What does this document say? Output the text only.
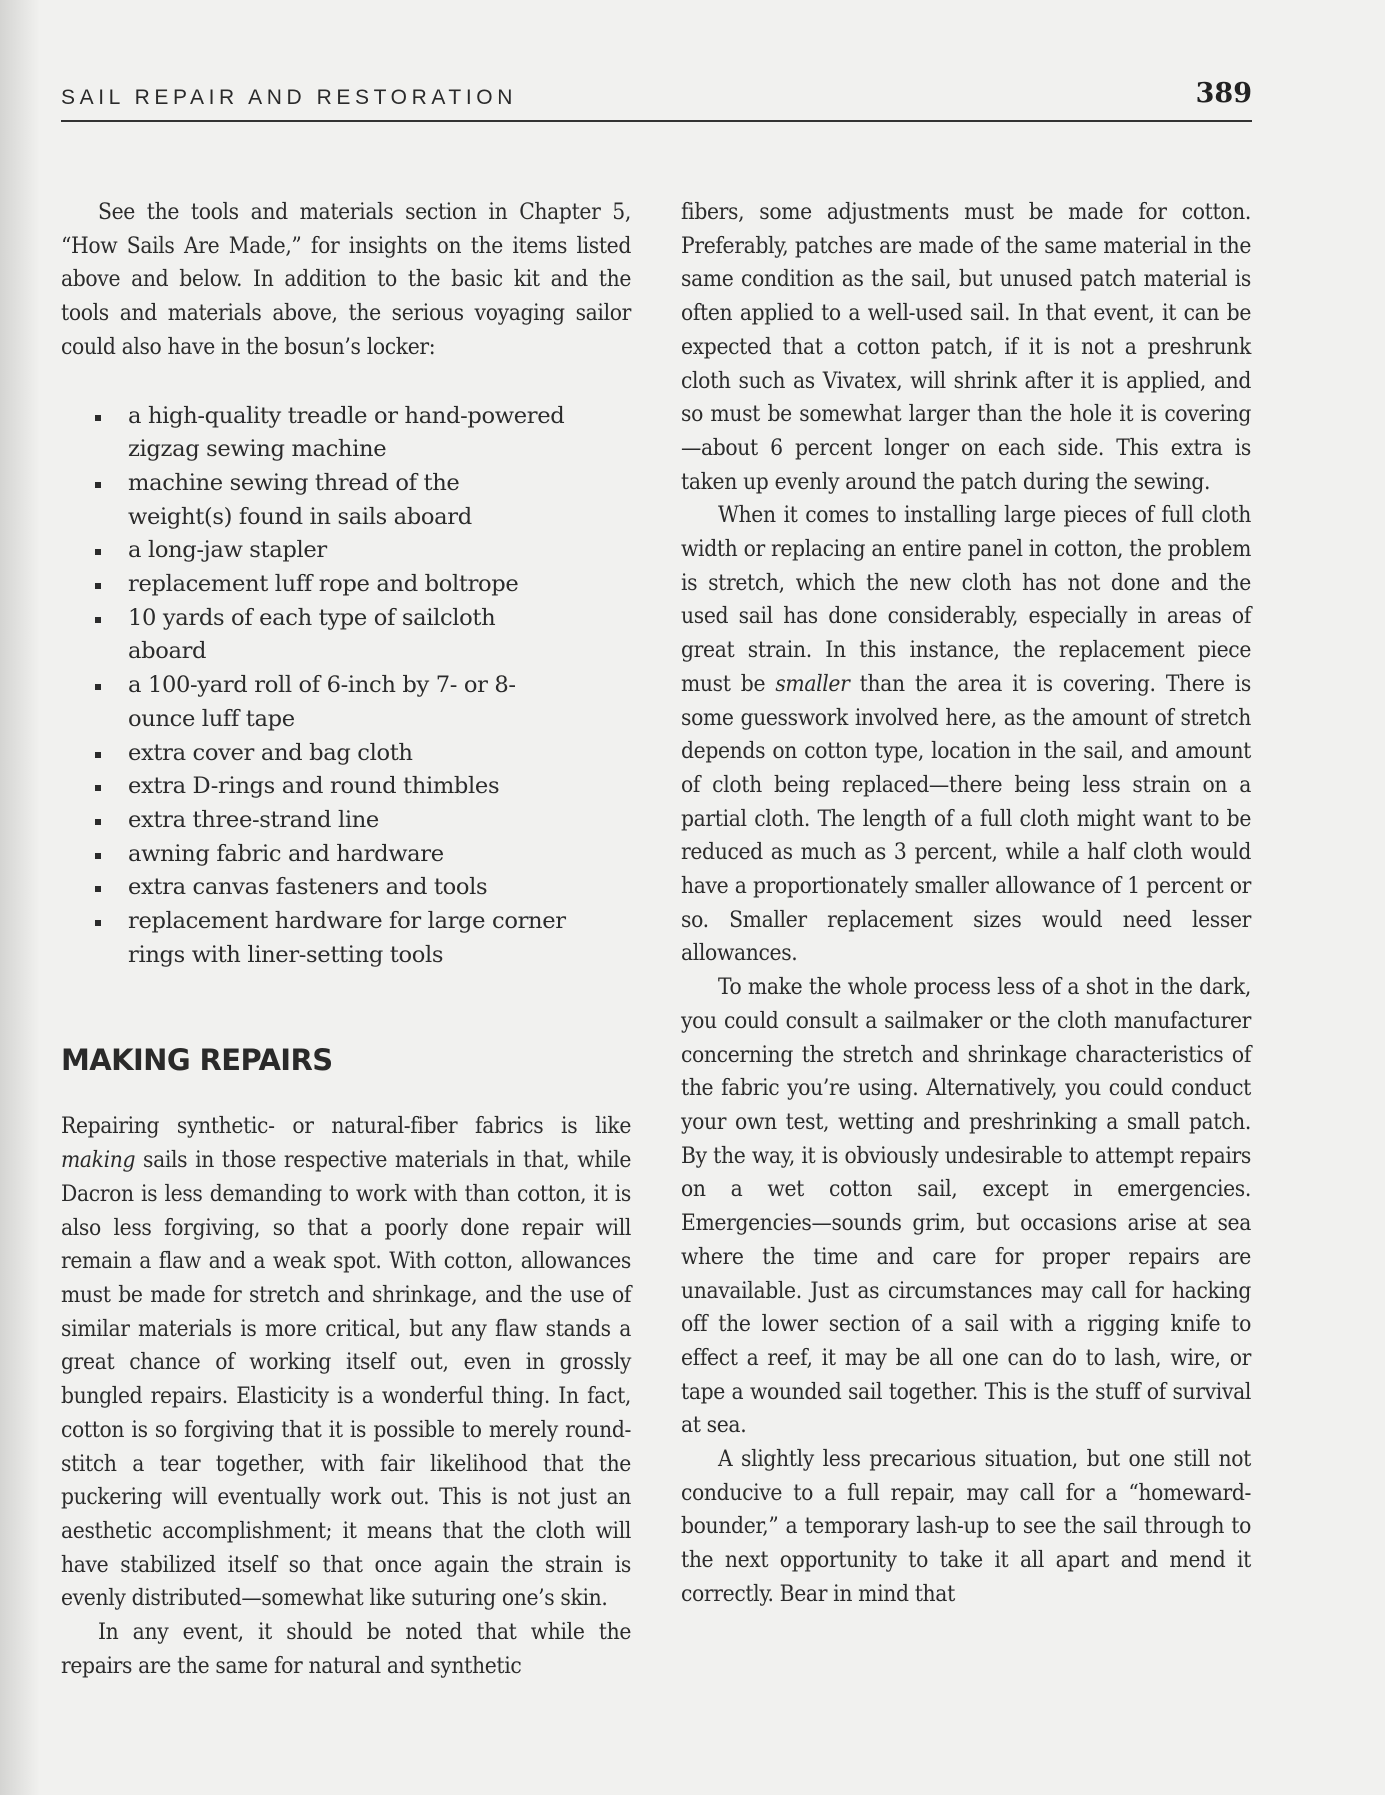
SAIL REPAIR AND RESTORATION	389

See the tools and materials section in Chapter 5, “How Sails Are Made,” for insights on the items listed above and below. In addition to the basic kit and the tools and materials above, the serious voyaging sailor could also have in the bosun’s locker:

a high-quality treadle or hand-powered zigzag sewing machine
machine sewing thread of the weight(s) found in sails aboard
a long-jaw stapler
replacement luff rope and boltrope
10 yards of each type of sailcloth aboard
a 100-yard roll of 6-inch by 7- or 8-ounce luff tape
extra cover and bag cloth
extra D-rings and round thimbles
extra three-strand line
awning fabric and hardware
extra canvas fasteners and tools
replacement hardware for large corner rings with liner-setting tools
MAKING REPAIRS

Repairing synthetic- or natural-fiber fabrics is like making sails in those respective materials in that, while Dacron is less demanding to work with than cotton, it is also less forgiving, so that a poorly done repair will remain a flaw and a weak spot. With cotton, allowances must be made for stretch and shrinkage, and the use of similar materials is more critical, but any flaw stands a great chance of working itself out, even in grossly bungled repairs. Elasticity is a wonderful thing. In fact, cotton is so forgiving that it is possible to merely round-stitch a tear together, with fair likelihood that the puckering will eventually work out. This is not just an aesthetic accomplishment; it means that the cloth will have stabilized itself so that once again the strain is evenly distributed—somewhat like suturing one’s skin.

In any event, it should be noted that while the repairs are the same for natural and synthetic

fibers, some adjustments must be made for cotton. Preferably, patches are made of the same material in the same condition as the sail, but unused patch material is often applied to a well-used sail. In that event, it can be expected that a cotton patch, if it is not a preshrunk cloth such as Vivatex, will shrink after it is applied, and so must be somewhat larger than the hole it is covering—about 6 percent longer on each side. This extra is taken up evenly around the patch during the sewing.

When it comes to installing large pieces of full cloth width or replacing an entire panel in cotton, the problem is stretch, which the new cloth has not done and the used sail has done considerably, especially in areas of great strain. In this instance, the replacement piece must be smaller than the area it is covering. There is some guesswork involved here, as the amount of stretch depends on cotton type, location in the sail, and amount of cloth being replaced—there being less strain on a partial cloth. The length of a full cloth might want to be reduced as much as 3 percent, while a half cloth would have a proportionately smaller allowance of 1 percent or so. Smaller replacement sizes would need lesser allowances.

To make the whole process less of a shot in the dark, you could consult a sailmaker or the cloth manufacturer concerning the stretch and shrinkage characteristics of the fabric you’re using. Alternatively, you could conduct your own test, wetting and preshrinking a small patch. By the way, it is obviously undesirable to attempt repairs on a wet cotton sail, except in emergencies. Emergencies—sounds grim, but occasions arise at sea where the time and care for proper repairs are unavailable. Just as circumstances may call for hacking off the lower section of a sail with a rigging knife to effect a reef, it may be all one can do to lash, wire, or tape a wounded sail together. This is the stuff of survival at sea.

A slightly less precarious situation, but one still not conducive to a full repair, may call for a “homeward-bounder,” a temporary lash-up to see the sail through to the next opportunity to take it all apart and mend it correctly. Bear in mind that
